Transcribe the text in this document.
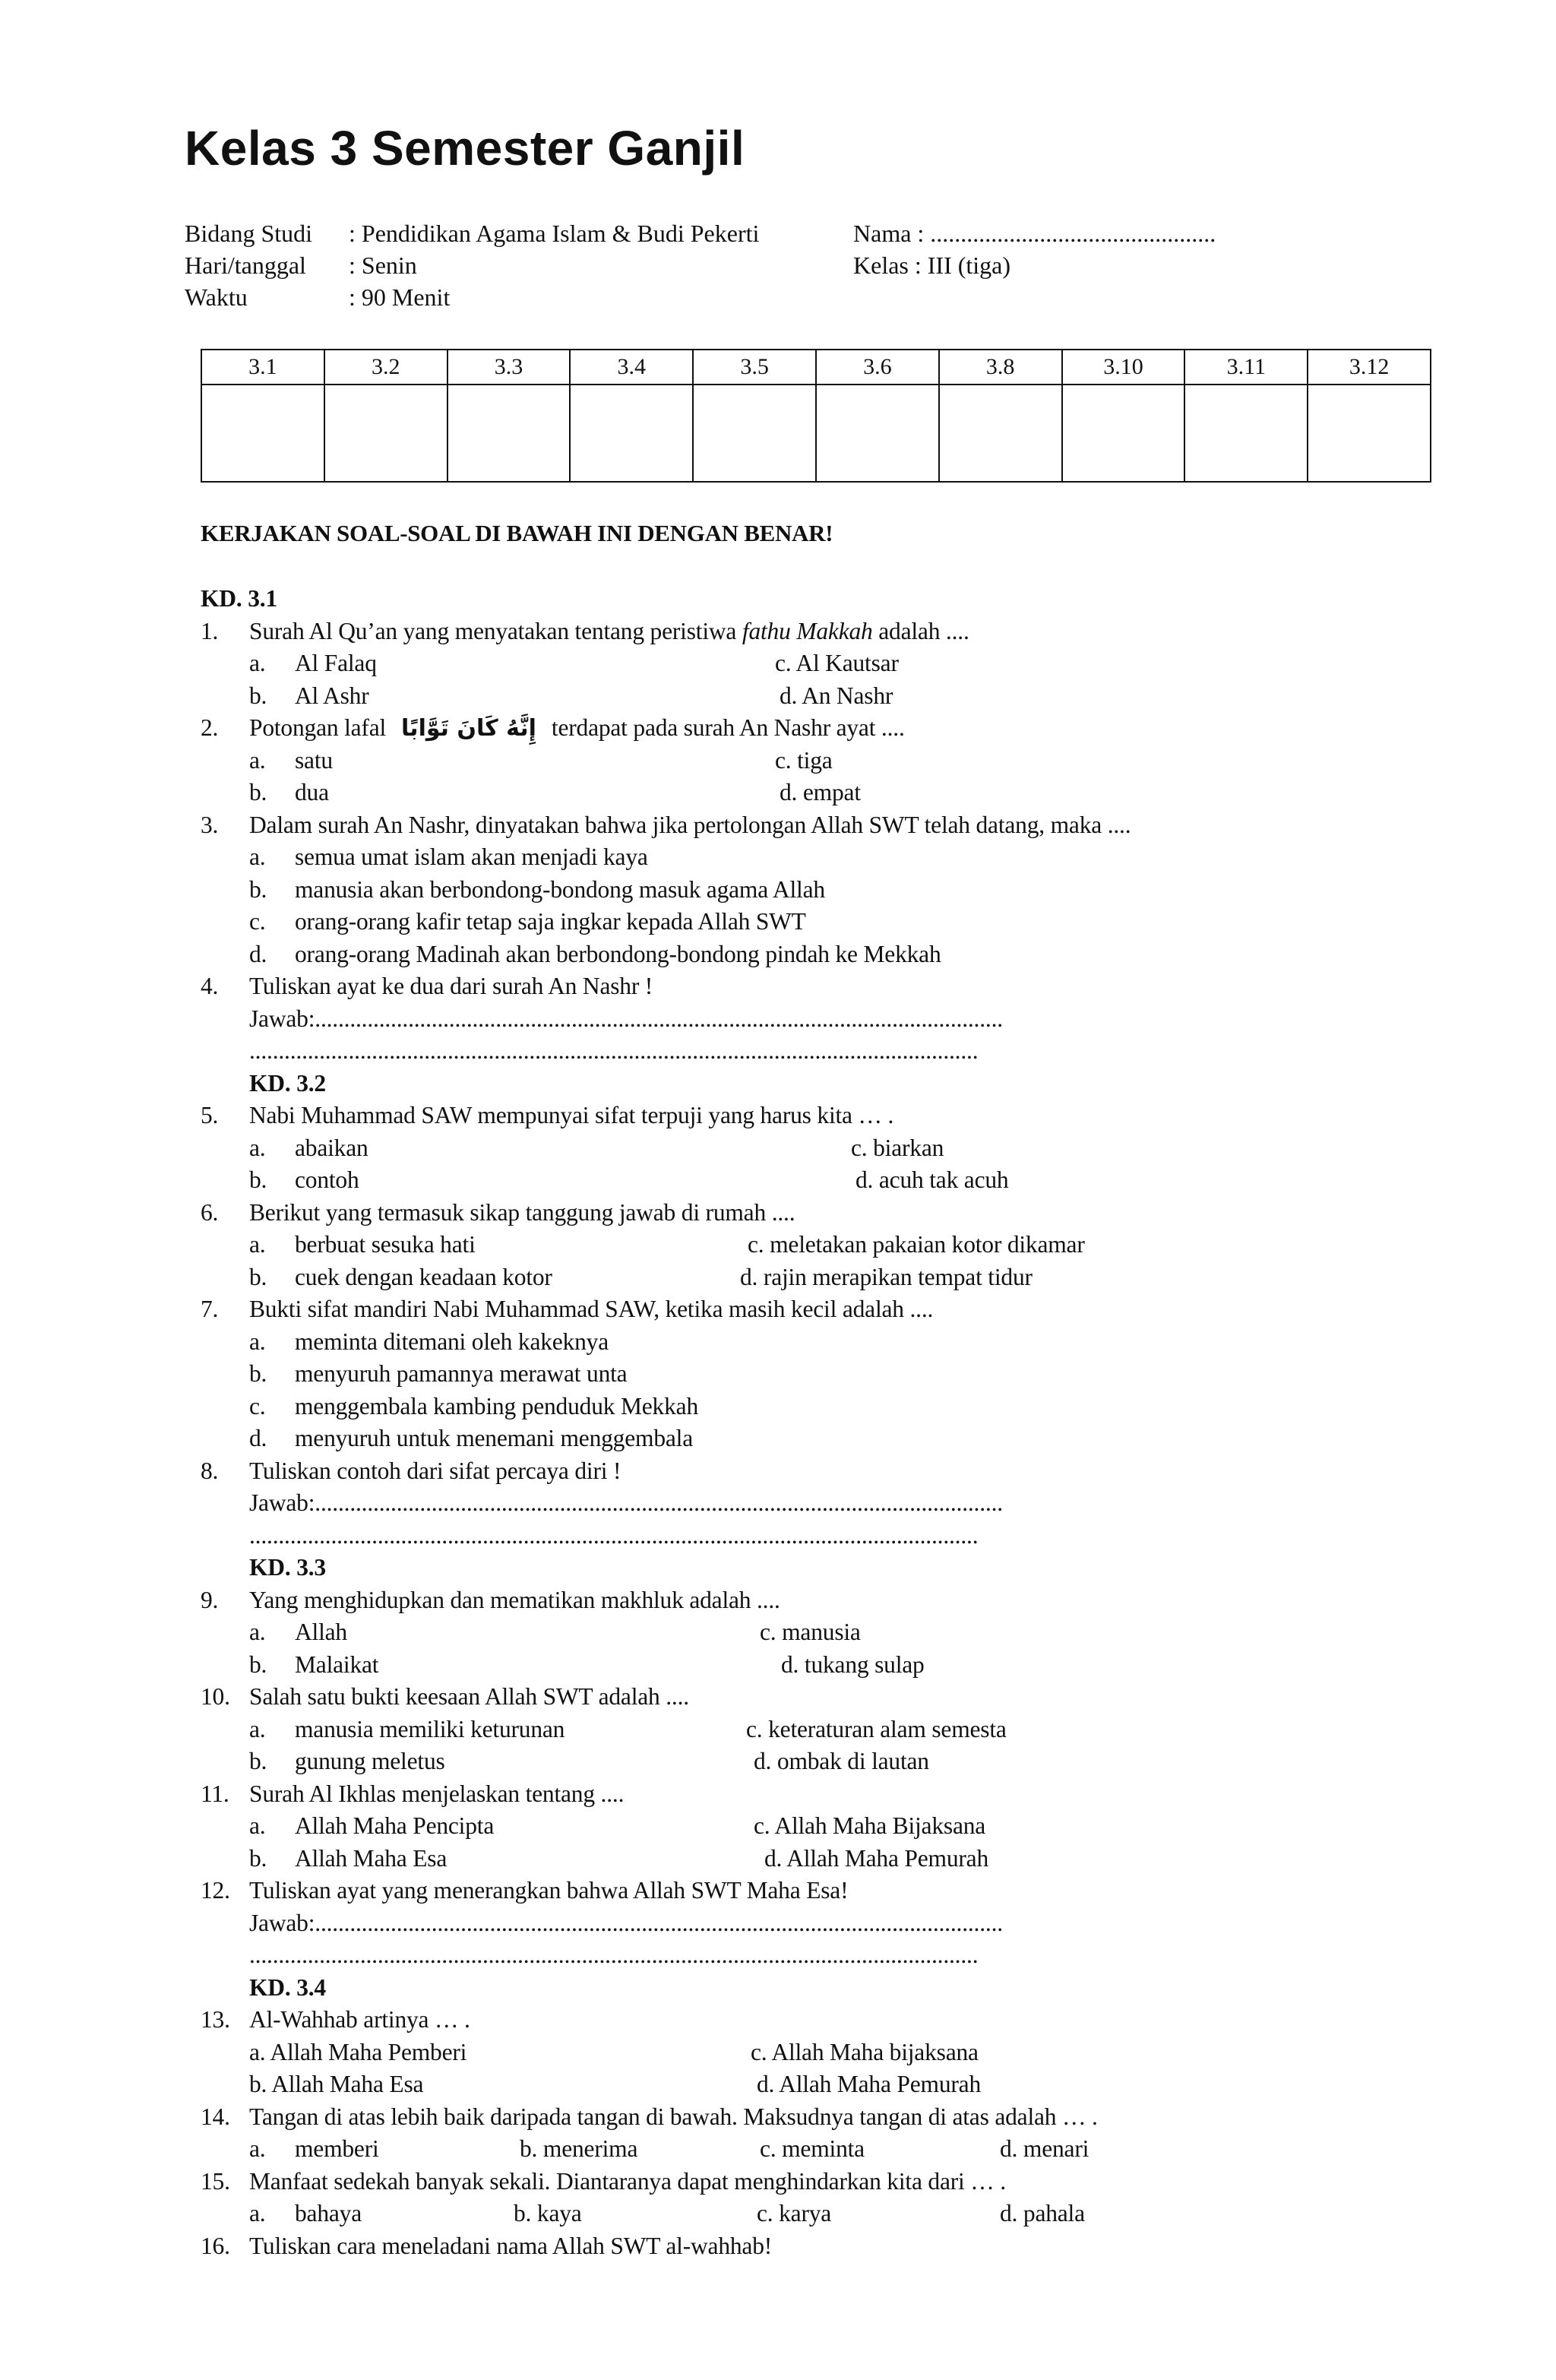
Kelas 3 Semester Ganjil
Bidang Studi : Pendidikan Agama Islam & Budi Pekerti	Nama : ...............................................
Hari/tanggal : Senin	Kelas : III (tiga)
Waktu	: 90 Menit
3.1	3.2	3.3	3.4	3.5	3.6	3.8	3.10	3.11	3.12

KERJAKAN SOAL-SOAL DI BAWAH INI DENGAN BENAR!

KD. 3.1
1. Surah Al Qu’an yang menyatakan tentang peristiwa fathu Makkah adalah ....
a. Al Falaq	c. Al Kautsar
b. Al Ashr	d. An Nashr
2. Potongan lafal إِنَّهُ كَانَ تَوَّابًا terdapat pada surah An Nashr ayat ....
a. satu	c. tiga
b. dua	d. empat
3. Dalam surah An Nashr, dinyatakan bahwa jika pertolongan Allah SWT telah datang, maka ....
a. semua umat islam akan menjadi kaya
b. manusia akan berbondong-bondong masuk agama Allah
c. orang-orang kafir tetap saja ingkar kepada Allah SWT
d. orang-orang Madinah akan berbondong-bondong pindah ke Mekkah
4. Tuliskan ayat ke dua dari surah An Nashr !
Jawab:......................................................................................................................
.............................................................................................................................
KD. 3.2
5. Nabi Muhammad SAW mempunyai sifat terpuji yang harus kita … .
a. abaikan	c. biarkan
b. contoh	d. acuh tak acuh
6. Berikut yang termasuk sikap tanggung jawab di rumah ....
a. berbuat sesuka hati	c. meletakan pakaian kotor dikamar
b. cuek dengan keadaan kotor	d. rajin merapikan tempat tidur
7. Bukti sifat mandiri Nabi Muhammad SAW, ketika masih kecil adalah ....
a. meminta ditemani oleh kakeknya
b. menyuruh pamannya merawat unta
c. menggembala kambing penduduk Mekkah
d. menyuruh untuk menemani menggembala
8. Tuliskan contoh dari sifat percaya diri !
Jawab:......................................................................................................................
.............................................................................................................................
KD. 3.3
9. Yang menghidupkan dan mematikan makhluk adalah ....
a. Allah	c. manusia
b. Malaikat	d. tukang sulap
10. Salah satu bukti keesaan Allah SWT adalah ....
a. manusia memiliki keturunan	c. keteraturan alam semesta
b. gunung meletus	d. ombak di lautan
11. Surah Al Ikhlas menjelaskan tentang ....
a. Allah Maha Pencipta	c. Allah Maha Bijaksana
b. Allah Maha Esa	d. Allah Maha Pemurah
12. Tuliskan ayat yang menerangkan bahwa Allah SWT Maha Esa!
Jawab:......................................................................................................................
.............................................................................................................................
KD. 3.4
13. Al-Wahhab artinya … .
a. Allah Maha Pemberi	c. Allah Maha bijaksana
b. Allah Maha Esa	d. Allah Maha Pemurah
14. Tangan di atas lebih baik daripada tangan di bawah. Maksudnya tangan di atas adalah … .
a. memberi	b. menerima	c. meminta	d. menari
15. Manfaat sedekah banyak sekali. Diantaranya dapat menghindarkan kita dari … .
a. bahaya	b. kaya	c. karya	d. pahala
16. Tuliskan cara meneladani nama Allah SWT al-wahhab!
